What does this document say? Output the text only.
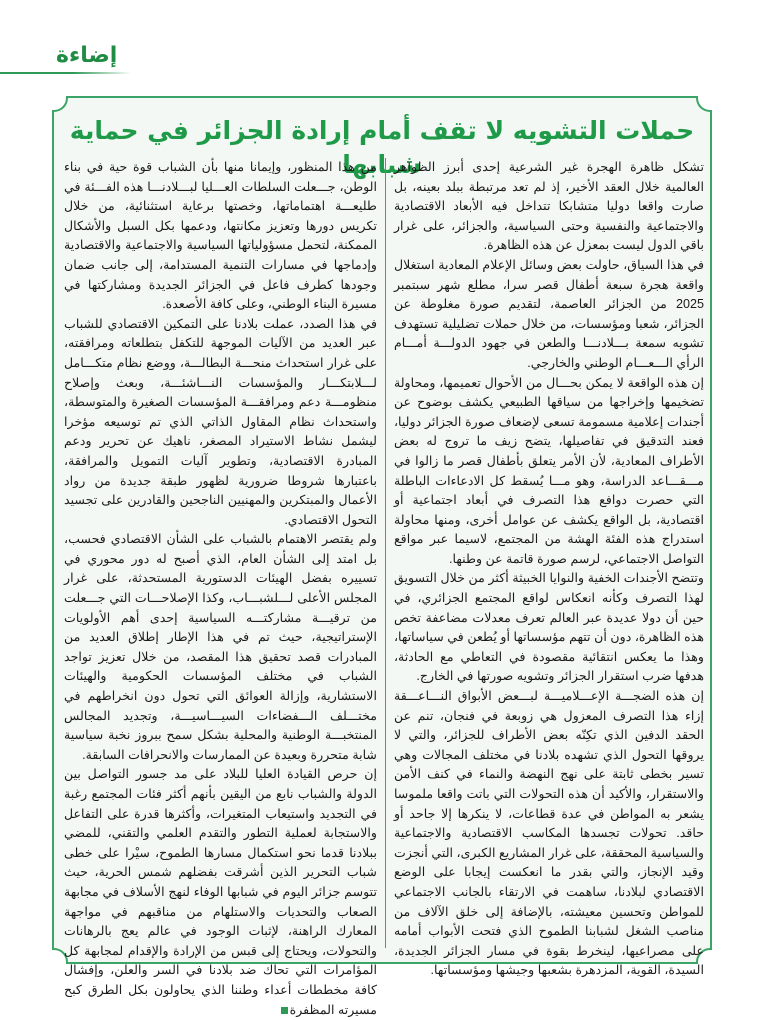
إضاءة
حملات التشويه لا تقف أمام إرادة الجزائر في حماية شبابها

تشكل ظاهرة الهجرة غير الشرعية إحدى أبرز الظواهر العالمية خلال العقد الأخير، إذ لم تعد مرتبطة ببلد بعينه، بل صارت واقعا دوليا متشابكا تتداخل فيه الأبعاد الاقتصادية والاجتماعية والنفسية وحتى السياسية، والجزائر، على غرار باقي الدول ليست بمعزل عن هذه الظاهرة.

في هذا السياق، حاولت بعض وسائل الإعلام المعادية استغلال واقعة هجرة سبعة أطفال قصر سرا، مطلع شهر سبتمبر 2025 من الجزائر العاصمة، لتقديم صورة مغلوطة عن الجزائر، شعبا ومؤسسات، من خلال حملات تضليلية تستهدف تشويه سمعة بـــلادنـــا والطعن في جهود الدولـــة أمـــام الرأي الـــعـــام الوطني والخارجي.

إن هذه الواقعة لا يمكن بحـــال من الأحوال تعميمها، ومحاولة تضخيمها وإخراجها من سياقها الطبيعي يكشف بوضوح عن أجندات إعلامية مسمومة تسعى لإضعاف صورة الجزائر دوليا، فعند التدقيق في تفاصيلها، يتضح زيف ما تروج له بعض الأطراف المعادية، لأن الأمر يتعلق بأطفال قصر ما زالوا في مـــقـــاعد الدراسة، وهو مـــا يُسقط كل الادعاءات الباطلة التي حصرت دوافع هذا التصرف في أبعاد اجتماعية أو اقتصادية، بل الواقع يكشف عن عوامل أخرى، ومنها محاولة استدراج هذه الفئة الهشة من المجتمع، لاسيما عبر مواقع التواصل الاجتماعي، لرسم صورة قاتمة عن وطنها.

وتتضح الأجندات الخفية والنوايا الخبيثة أكثر من خلال التسويق لهذا التصرف وكأنه انعكاس لواقع المجتمع الجزائري، في حين أن دولا عديدة عبر العالم تعرف معدلات مضاعفة تخص هذه الظاهرة، دون أن تتهم مؤسساتها أو يُطعن في سياساتها، وهذا ما يعكس انتقائية مقصودة في التعاطي مع الحادثة، هدفها ضرب استقرار الجزائر وتشويه صورتها في الخارج.

إن هذه الضجـــة الإعـــلاميـــة لبـــعض الأبواق النـــاعـــقة إزاء هذا التصرف المعزول هي زوبعة في فنجان، تنم عن الحقد الدفين الذي تكِنّه بعض الأطراف للجزائر، والتي لا يروقها التحول الذي تشهده بلادنا في مختلف المجالات وهي تسير بخطى ثابتة على نهج النهضة والنماء في كنف الأمن والاستقرار، والأكيد أن هذه التحولات التي باتت واقعا ملموسا يشعر به المواطن في عدة قطاعات، لا ينكرها إلا جاحد أو حاقد. تحولات تجسدها المكاسب الاقتصادية والاجتماعية والسياسية المحققة، على غرار المشاريع الكبرى، التي أنجزت وقيد الإنجاز، والتي بقدر ما انعكست إيجابا على الوضع الاقتصادي لبلادنا، ساهمت في الارتقاء بالجانب الاجتماعي للمواطن وتحسين معيشته، بالإضافة إلى خلق الآلاف من مناصب الشغل لشبابنا الطموح الذي فتحت الأبواب أمامه على مصراعيها، لينخرط بقوة في مسار الجزائر الجديدة، السيدة، القوية، المزدهرة بشعبها وجيشها ومؤسساتها.

من هذا المنظور، وإيمانا منها بأن الشباب قوة حية في بناء الوطن، جـــعلت السلطات العـــليا لبـــلادنـــا هذه الفـــئة في طليعـــة اهتماماتها، وخصتها برعاية استثنائية، من خلال تكريس دورها وتعزيز مكانتها، ودعمها بكل السبل والأشكال الممكنة، لتحمل مسؤولياتها السياسية والاجتماعية والاقتصادية وإدماجها في مسارات التنمية المستدامة، إلى جانب ضمان وجودها كطرف فاعل في الجزائر الجديدة ومشاركتها في مسيرة البناء الوطني، وعلى كافة الأصعدة.

في هذا الصدد، عملت بلادنا على التمكين الاقتصادي للشباب عبر العديد من الآليات الموجهة للتكفل بتطلعاته ومرافقته، على غرار استحداث منحـــة البطالـــة، ووضع نظام متكـــامل لـــلابتكـــار والمؤسسات النـــاشئـــة، وبعث وإصلاح منظومـــة دعم ومرافقـــة المؤسسات الصغيرة والمتوسطة، واستحداث نظام المقاول الذاتي الذي تم توسيعه مؤخرا ليشمل نشاط الاستيراد المصغر، ناهيك عن تحرير ودعم المبادرة الاقتصادية، وتطوير آليات التمويل والمرافقة، باعتبارها شروطا ضرورية لظهور طبقة جديدة من رواد الأعمال والمبتكرين والمهنيين الناجحين والقادرين على تجسيد التحول الاقتصادي.

ولم يقتصر الاهتمام بالشباب على الشأن الاقتصادي فحسب، بل امتد إلى الشأن العام، الذي أصبح له دور محوري في تسييره بفضل الهيئات الدستورية المستحدثة، على غرار المجلس الأعلى لـــلشبـــاب، وكذا الإصلاحـــات التي جـــعلت من ترقيـــة مشاركتـــه السياسية إحدى أهم الأولويات الإستراتيجية، حيث تم في هذا الإطار إطلاق العديد من المبادرات قصد تحقيق هذا المقصد، من خلال تعزيز تواجد الشباب في مختلف المؤسسات الحكومية والهيئات الاستشارية، وإزالة العوائق التي تحول دون انخراطهم في مختـــلف الـــفضاءات السيـــاسيـــة، وتجديد المجالس المنتخبـــة الوطنية والمحلية بشكل سمح ببروز نخبة سياسية شابة متحررة وبعيدة عن الممارسات والانحرافات السابقة.

إن حرص القيادة العليا للبلاد على مد جسور التواصل بين الدولة والشباب نابع من اليقين بأنهم أكثر فئات المجتمع رغبة في التجديد واستيعاب المتغيرات، وأكثرها قدرة على التفاعل والاستجابة لعملية التطور والتقدم العلمي والتقني، للمضي ببلادنا قدما نحو استكمال مسارها الطموح، سيْرا على خطى شباب التحرير الذين أشرقت بفضلهم شمس الحرية، حيث تتوسم جزائر اليوم في شبابها الوفاء لنهج الأسلاف في مجابهة الصعاب والتحديات والاستلهام من مناقبهم في مواجهة المعارك الراهنة، لإثبات الوجود في عالم يعج بالرهانات والتحولات، ويحتاج إلى قبس من الإرادة والإقدام لمجابهة كل المؤامرات التي تحاك ضد بلادنا في السر والعلن، وإفشال كافة مخططات أعداء وطننا الذي يحاولون بكل الطرق كبح مسيرته المظفرة
